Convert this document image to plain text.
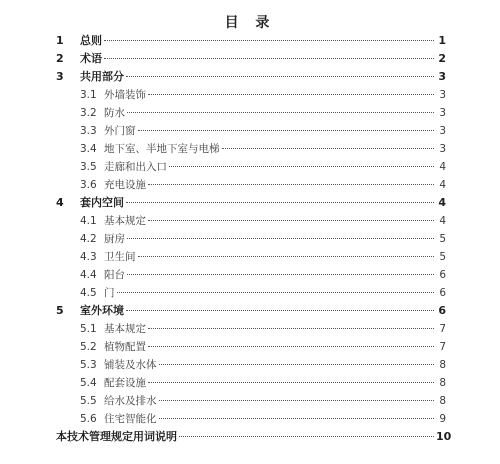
目 录
1	总则	1
2	术语	2
3	共用部分	3
3.1 外墙装饰	3
3.2 防水	3
3.3 外门窗	3
3.4 地下室、半地下室与电梯	3
3.5 走廊和出入口	4
3.6 充电设施	4
4	套内空间	4
4.1 基本规定	4
4.2 厨房	5
4.3 卫生间	5
4.4 阳台	6
4.5 门	6
5	室外环境	6
5.1 基本规定	7
5.2 植物配置	7
5.3 铺装及水体	8
5.4 配套设施	8
5.5 给水及排水	8
5.6 住宅智能化	9
本技术管理规定用词说明	10
